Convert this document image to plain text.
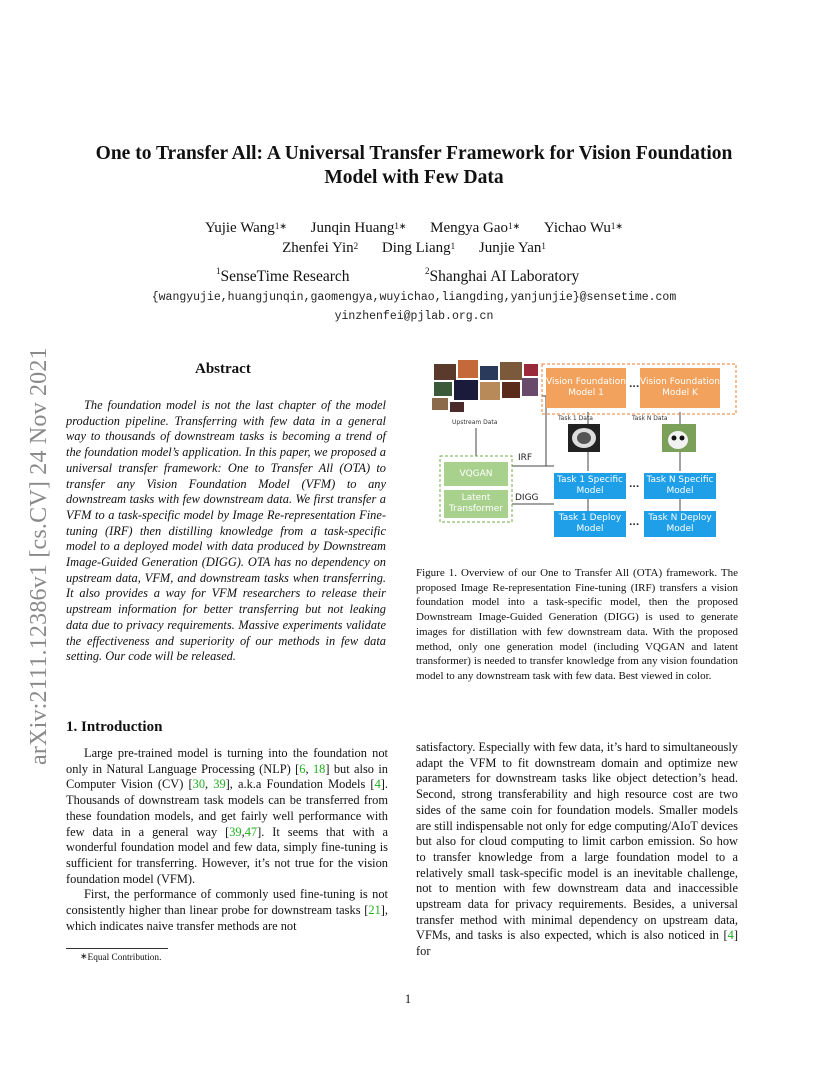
arXiv:2111.12386v1 [cs.CV] 24 Nov 2021
One to Transfer All: A Universal Transfer Framework for Vision Foundation
Model with Few Data
Yujie Wang$^{1∗}$ Junqin Huang$^{1∗}$ Mengya Gao$^{1∗}$ Yichao $Wu^{1∗}$
Zhenfei Yin$^2$ Ding Liang$^1$ Junjie Yan$^1$
$^1$SenseTime Research	$^2$Shanghai AI Laboratory
{wangyujie,huangjunqin,gaomengya,wuyichao,liangding,yanjunjie}@sensetime.com
yinzhenfei@pjlab.org.cn
Abstract
The foundation model is not the last chapter of the model production pipeline. Transferring with few data in a general way to thousands of downstream tasks is becoming a trend of the foundation model’s application. In this paper, we proposed a universal transfer framework: One to Transfer All (OTA) to transfer any Vision Foundation Model (VFM) to any downstream tasks with few downstream data. We first transfer a VFM to a task-specific model by Image Re-representation Fine-tuning (IRF) then distilling knowledge from a task-specific model to a deployed model with data produced by Downstream Image-Guided Generation (DIGG). OTA has no dependency on upstream data, VFM, and downstream tasks when transferring. It also provides a way for VFM researchers to release their upstream information for better transferring but not leaking data due to privacy requirements. Massive experiments validate the effectiveness and superiority of our methods in few data setting. Our code will be released.
Upstream Data
Vision Foundation Model 1
... Vision Foundation Model K
Task 1 Data	Task N Data
IRF
DIGG
VQGAN
Latent Transformer
Task 1 Specific Model
... Task N Specific Model
Task 1 Deploy Model
...	Task N Deploy Model
Figure 1. Overview of our One to Transfer All (OTA) framework. The proposed Image Re-representation Fine-tuning (IRF) transfers a vision foundation model into a task-specific model, then the proposed Downstream Image-Guided Generation (DIGG) is used to generate images for distillation with few downstream data. With the proposed method, only one generation model (including VQGAN and latent transformer) is needed to transfer knowledge from any vision foundation model to any downstream task with few data. Best viewed in color.
1. Introduction

Large pre-trained model is turning into the foundation not only in Natural Language Processing (NLP) [6, 18] but also in Computer Vision (CV) [30, 39], a.k.a Foundation Models [4]. Thousands of downstream task models can be transferred from these foundation models, and get fairly well performance with few data in a general way [39,47]. It seems that with a wonderful foundation model and few data, simply fine-tuning is sufficient for transferring. However, it’s not true for the vision foundation model (VFM).

First, the performance of commonly used fine-tuning is not consistently higher than linear probe for downstream tasks [21], which indicates naive transfer methods are not

satisfactory. Especially with few data, it’s hard to simultaneously adapt the VFM to fit downstream domain and optimize new parameters for downstream tasks like object detection’s head. Second, strong transferability and high resource cost are two sides of the same coin for foundation models. Smaller models are still indispensable not only for edge computing/AIoT devices but also for cloud computing to limit carbon emission. So how to transfer knowledge from a large foundation model to a relatively small task-specific model is an inevitable challenge, not to mention with few downstream data and inaccessible upstream data for privacy requirements. Besides, a universal transfer method with minimal dependency on upstream data, VFMs, and tasks is also expected, which is also noticed in [4] for

∗Equal Contribution.
1
